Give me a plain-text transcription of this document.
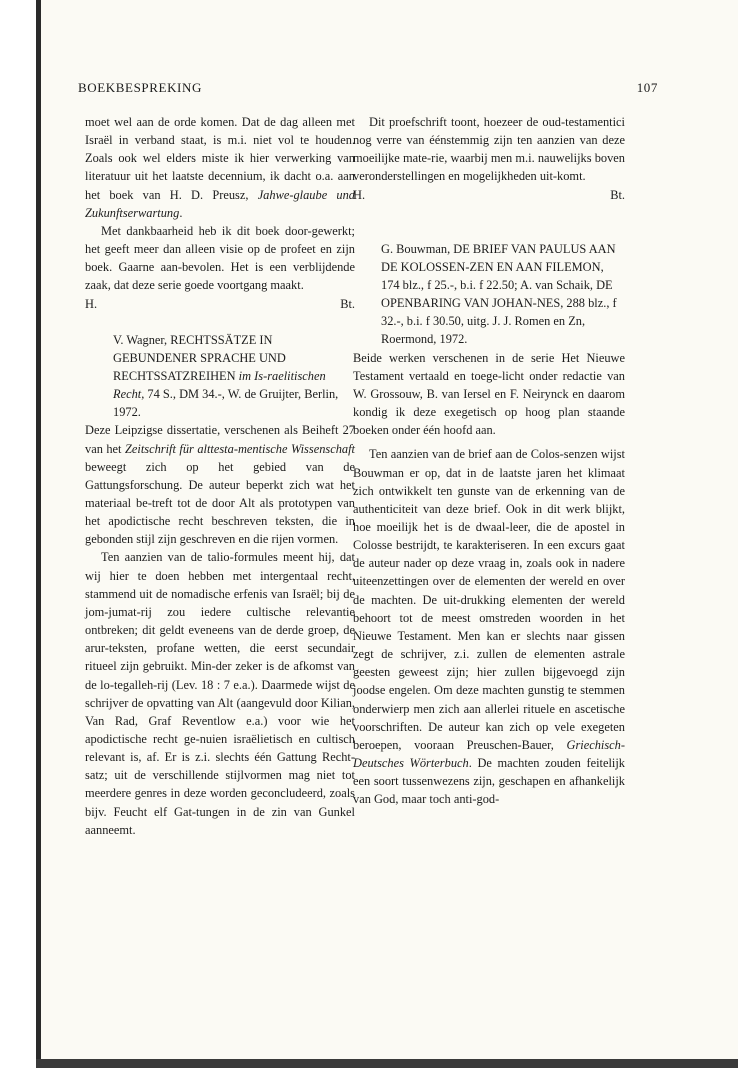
BOEKBESPREKING	107

moet wel aan de orde komen. Dat de dag alleen met Israël in verband staat, is m.i. niet vol te houden. Zoals ook wel elders miste ik hier verwerking van literatuur uit het laatste decennium, ik dacht o.a. aan het boek van H. D. Preusz, Jahwe-glaube und Zukunftserwartung.

Met dankbaarheid heb ik dit boek door-gewerkt; het geeft meer dan alleen visie op de profeet en zijn boek. Gaarne aan-bevolen. Het is een verblijdende zaak, dat deze serie goede voortgang maakt.

H.	Bt.

V. Wagner, RECHTSSÄTZE IN GEBUNDENER SPRACHE UND RECHTSSATZREIHEN im Is-raelitischen Recht, 74 S., DM 34.-, W. de Gruijter, Berlin, 1972.

Deze Leipzigse dissertatie, verschenen als Beiheft 27 van het Zeitschrift für alttesta-mentische Wissenschaft beweegt zich op het gebied van de Gattungsforschung. De auteur beperkt zich wat het materiaal be-treft tot de door Alt als prototypen van het apodictische recht beschreven teksten, die in gebonden stijl zijn geschreven en die rijen vormen.

Ten aanzien van de talio-formules meent hij, dat wij hier te doen hebben met intergentaal recht, stammend uit de nomadische erfenis van Israël; bij de jom-jumat-rij zou iedere cultische relevantie ontbreken; dit geldt eveneens van de derde groep, de arur-teksten, profane wetten, die eerst secundair ritueel zijn gebruikt. Min-der zeker is de afkomst van de lo-tegalleh-rij (Lev. 18 : 7 e.a.). Daarmede wijst de schrijver de opvatting van Alt (aangevuld door Kilian, Van Rad, Graf Reventlow e.a.) voor wie het apodictische recht ge-nuien israëlietisch en cultisch relevant is, af. Er is z.i. slechts één Gattung Recht-satz; uit de verschillende stijlvormen mag niet tot meerdere genres in deze worden geconcludeerd, zoals bijv. Feucht elf Gat-tungen in de zin van Gunkel aanneemt.

Dit proefschrift toont, hoezeer de oud-testamentici nog verre van éénstemmig zijn ten aanzien van deze moeilijke mate-rie, waarbij men m.i. nauwelijks boven veronderstellingen en mogelijkheden uit-komt.

H.	Bt.

G. Bouwman, DE BRIEF VAN PAULUS AAN DE KOLOSSEN-ZEN EN AAN FILEMON, 174 blz., f 25.-, b.i. f 22.50; A. van Schaik, DE OPENBARING VAN JOHAN-NES, 288 blz., f 32.-, b.i. f 30.50, uitg. J. J. Romen en Zn, Roermond, 1972.

Beide werken verschenen in de serie Het Nieuwe Testament vertaald en toege-licht onder redactie van W. Grossouw, B. van Iersel en F. Neirynck en daarom kondig ik deze exegetisch op hoog plan staande boeken onder één hoofd aan.

Ten aanzien van de brief aan de Colos-senzen wijst Bouwman er op, dat in de laatste jaren het klimaat zich ontwikkelt ten gunste van de erkenning van de authenticiteit van deze brief. Ook in dit werk blijkt, hoe moeilijk het is de dwaal-leer, die de apostel in Colosse bestrijdt, te karakteriseren. In een excurs gaat de auteur nader op deze vraag in, zoals ook in nadere uiteenzettingen over de elementen der wereld en over de machten. De uit-drukking elementen der wereld behoort tot de meest omstreden woorden in het Nieuwe Testament. Men kan er slechts naar gissen zegt de schrijver, z.i. zullen de elementen astrale geesten geweest zijn; hier zullen bijgevoegd zijn joodse engelen. Om deze machten gunstig te stemmen onderwierp men zich aan allerlei rituele en ascetische voorschriften. De auteur kan zich op vele exegeten beroepen, vooraan Preuschen-Bauer, Griechisch-Deutsches Wörterbuch. De machten zouden feitelijk een soort tussenwezens zijn, geschapen en afhankelijk van God, maar toch anti-god-
